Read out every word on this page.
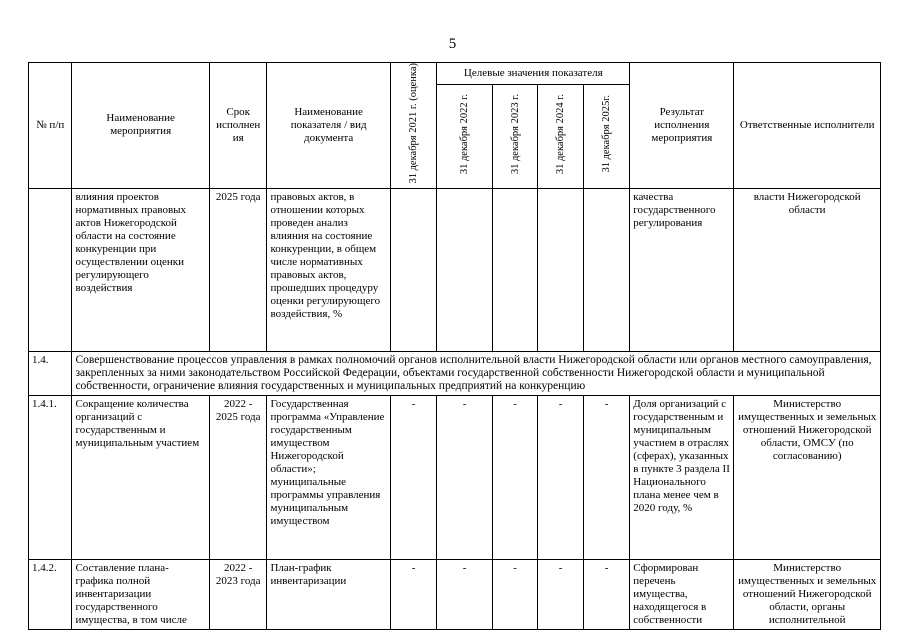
5
№ п/п	Наименование мероприятия	Срок исполнен ия	Наименование показателя / вид документа	31 декабря 2021 г. (оценка)	Целевые значения показателя				Результат исполнения мероприятия	Ответственные исполнители
					31 декабря 2022 г.	31 декабря 2023 г.	31 декабря 2024 г.	31 декабря 2025г.		
	влияния проектов нормативных правовых актов Нижегородской области на состояние конкуренции при осуществлении оценки регулирующего воздействия	2025 года	правовых актов, в отношении которых проведен анализ влияния на состояние конкуренции, в общем числе нормативных правовых актов, прошедших процедуру оценки регулирующего воздействия, %						качества государственного регулирования	власти Нижегородской области
1.4.	Совершенствование процессов управления в рамках полномочий органов исполнительной власти Нижегородской области или органов местного самоуправления, закрепленных за ними законодательством Российской Федерации, объектами государственной собственности Нижегородской области и муниципальной собственности, ограничение влияния государственных и муниципальных предприятий на конкуренцию									
1.4.1.	Сокращение количества организаций с государственным и муниципальным участием	2022 - 2025 года	Государственная программа «Управление государственным имуществом Нижегородской области»; муниципальные программы управления муниципальным имуществом	-	-	-	-	-	Доля организаций с государственным и муниципальным участием в отраслях (сферах), указанных в пункте 3 раздела II Национального плана менее чем в 2020 году, %	Министерство имущественных и земельных отношений Нижегородской области, ОМСУ (по согласованию)
1.4.2.	Составление плана-графика полной инвентаризации государственного имущества, в том числе	2022 - 2023 года	План-график инвентаризации	-	-	-	-	-	Сформирован перечень имущества, находящегося в собственности	Министерство имущественных и земельных отношений Нижегородской области, органы исполнительной
